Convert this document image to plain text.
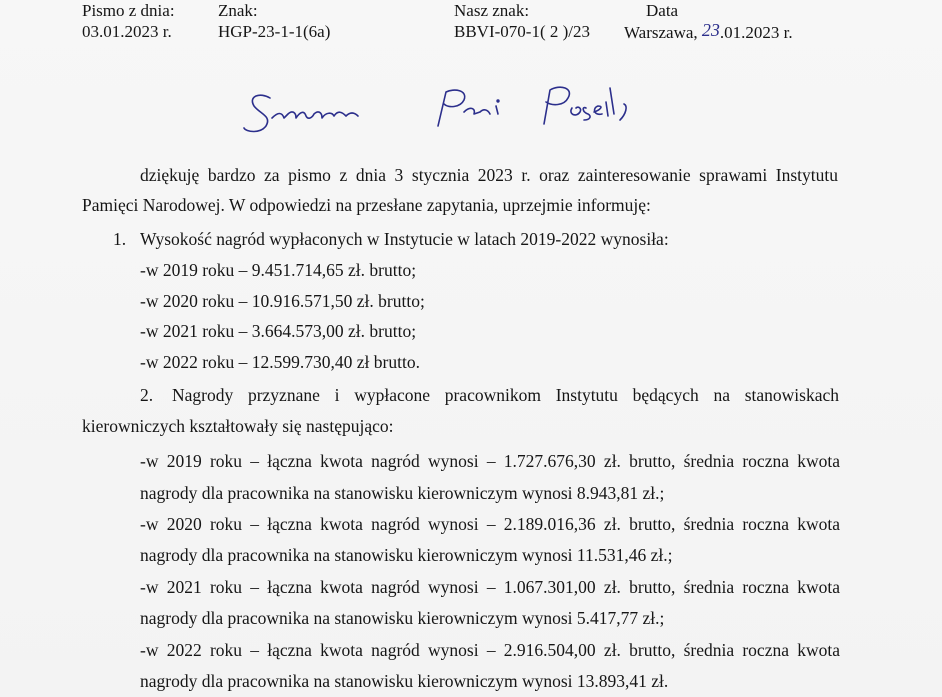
Pismo z dnia:
03.01.2023 r.
Znak:
HGP-23-1-1(6a)
Nasz znak:
BBVI-070-1( 2 )/23
Data
Warszawa, 23.01.2023 r.
dziękuję bardzo za pismo z dnia 3 stycznia 2023 r. oraz zainteresowanie sprawami Instytutu
Pamięci Narodowej. W odpowiedzi na przesłane zapytania, uprzejmie informuję:
1. Wysokość nagród wypłaconych w Instytucie w latach 2019-2022 wynosiła:
-w 2019 roku – 9.451.714,65 zł. brutto;
-w 2020 roku – 10.916.571,50 zł. brutto;
-w 2021 roku – 3.664.573,00 zł. brutto;
-w 2022 roku – 12.599.730,40 zł brutto.
2. Nagrody przyznane i wypłacone pracownikom Instytutu będących na stanowiskach
kierowniczych kształtowały się następująco:
-w 2019 roku – łączna kwota nagród wynosi – 1.727.676,30 zł. brutto, średnia roczna kwota
nagrody dla pracownika na stanowisku kierowniczym wynosi 8.943,81 zł.;
-w 2020 roku – łączna kwota nagród wynosi – 2.189.016,36 zł. brutto, średnia roczna kwota
nagrody dla pracownika na stanowisku kierowniczym wynosi 11.531,46 zł.;
-w 2021 roku – łączna kwota nagród wynosi – 1.067.301,00 zł. brutto, średnia roczna kwota
nagrody dla pracownika na stanowisku kierowniczym wynosi 5.417,77 zł.;
-w 2022 roku – łączna kwota nagród wynosi – 2.916.504,00 zł. brutto, średnia roczna kwota
nagrody dla pracownika na stanowisku kierowniczym wynosi 13.893,41 zł.
